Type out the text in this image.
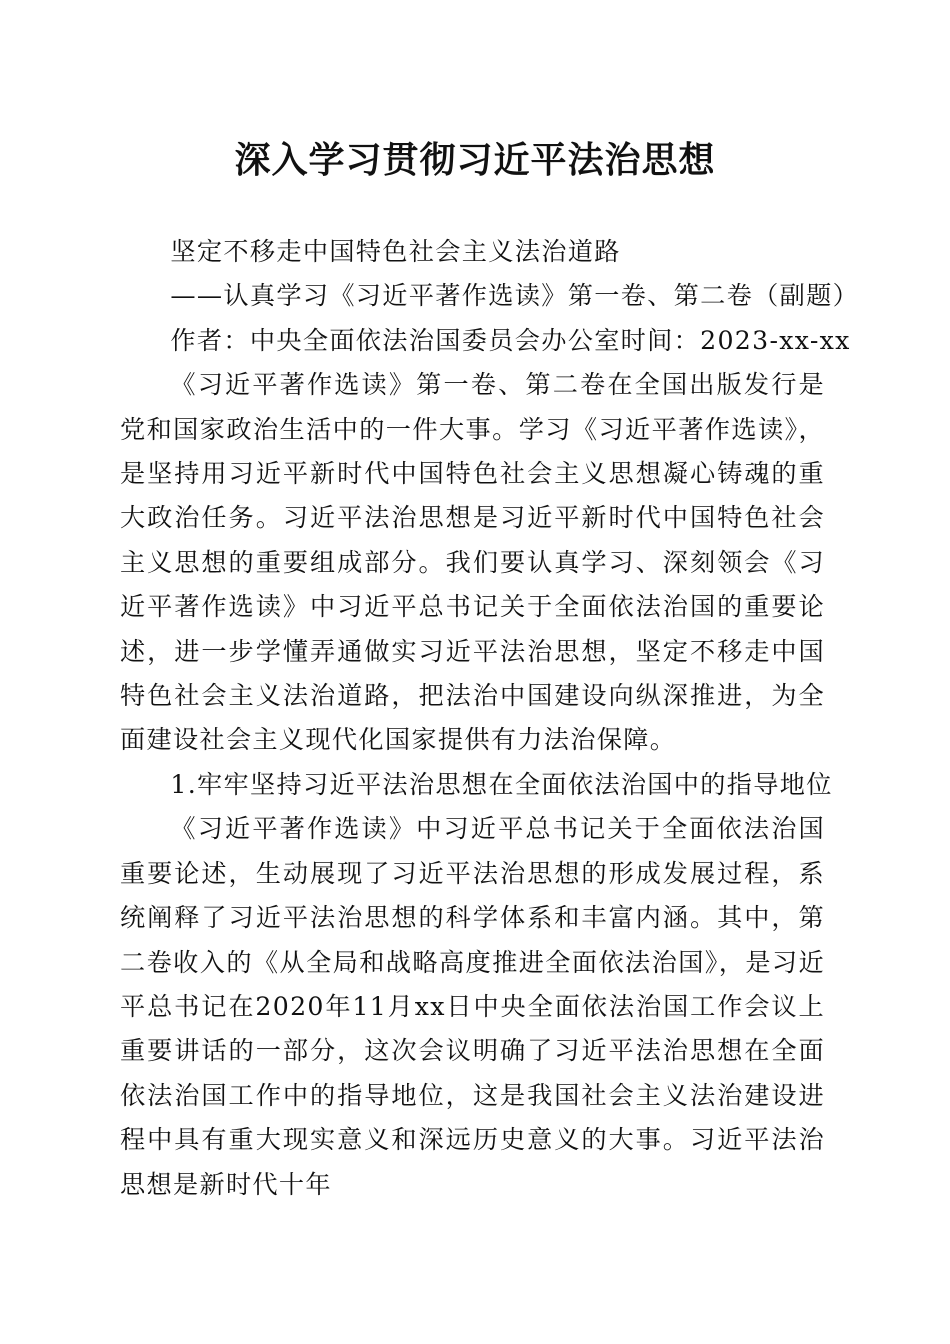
深入学习贯彻习近平法治思想

坚定不移走中国特色社会主义法治道路

——认真学习《习近平著作选读》第一卷、第二卷（副题）

作者：中央全面依法治国委员会办公室时间：2023-xx-xx

《习近平著作选读》第一卷、第二卷在全国出版发行是党和国家政治生活中的一件大事。学习《习近平著作选读》，是坚持用习近平新时代中国特色社会主义思想凝心铸魂的重大政治任务。习近平法治思想是习近平新时代中国特色社会主义思想的重要组成部分。我们要认真学习、深刻领会《习近平著作选读》中习近平总书记关于全面依法治国的重要论述，进一步学懂弄通做实习近平法治思想，坚定不移走中国特色社会主义法治道路，把法治中国建设向纵深推进，为全面建设社会主义现代化国家提供有力法治保障。

1.牢牢坚持习近平法治思想在全面依法治国中的指导地位

《习近平著作选读》中习近平总书记关于全面依法治国重要论述，生动展现了习近平法治思想的形成发展过程，系统阐释了习近平法治思想的科学体系和丰富内涵。其中，第二卷收入的《从全局和战略高度推进全面依法治国》，是习近平总书记在2020年11月xx日中央全面依法治国工作会议上重要讲话的一部分，这次会议明确了习近平法治思想在全面依法治国工作中的指导地位，这是我国社会主义法治建设进程中具有重大现实意义和深远历史意义的大事。习近平法治思想是新时代十年
